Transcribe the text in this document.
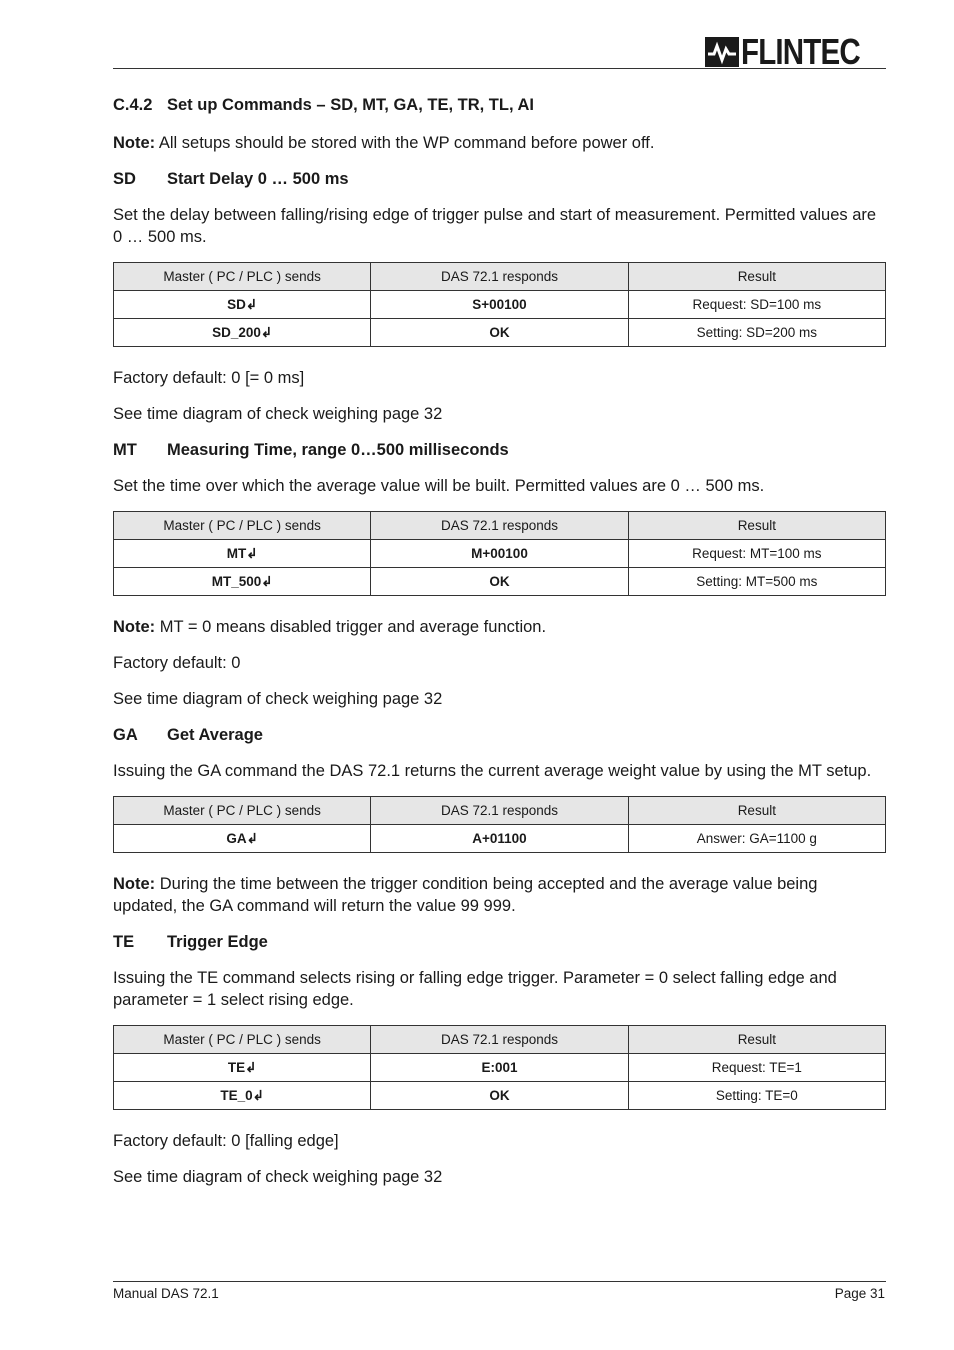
FLINTEC
C.4.2 Set up Commands – SD, MT, GA, TE, TR, TL, AI
Note: All setups should be stored with the WP command before power off.
SD Start Delay 0 … 500 ms
Set the delay between falling/rising edge of trigger pulse and start of measurement. Permitted values are 0 … 500 ms.
Master ( PC / PLC ) sends	DAS 72.1 responds	Result
SD↲	S+00100	Request: SD=100 ms
SD_200↲	OK	Setting: SD=200 ms
Factory default: 0 [= 0 ms]
See time diagram of check weighing page 32
MT Measuring Time, range 0…500 milliseconds
Set the time over which the average value will be built. Permitted values are 0 … 500 ms.
Master ( PC / PLC ) sends	DAS 72.1 responds	Result
MT↲	M+00100	Request: MT=100 ms
MT_500↲	OK	Setting: MT=500 ms
Note: MT = 0 means disabled trigger and average function.
Factory default: 0
See time diagram of check weighing page 32
GA Get Average
Issuing the GA command the DAS 72.1 returns the current average weight value by using the MT setup.
Master ( PC / PLC ) sends	DAS 72.1 responds	Result
GA↲	A+01100	Answer: GA=1100 g
Note: During the time between the trigger condition being accepted and the average value being updated, the GA command will return the value 99 999.
TE Trigger Edge
Issuing the TE command selects rising or falling edge trigger. Parameter = 0 select falling edge and parameter = 1 select rising edge.
Master ( PC / PLC ) sends	DAS 72.1 responds	Result
TE↲	E:001	Request: TE=1
TE_0↲	OK	Setting: TE=0
Factory default: 0 [falling edge]
See time diagram of check weighing page 32
Manual DAS 72.1	Page 31
